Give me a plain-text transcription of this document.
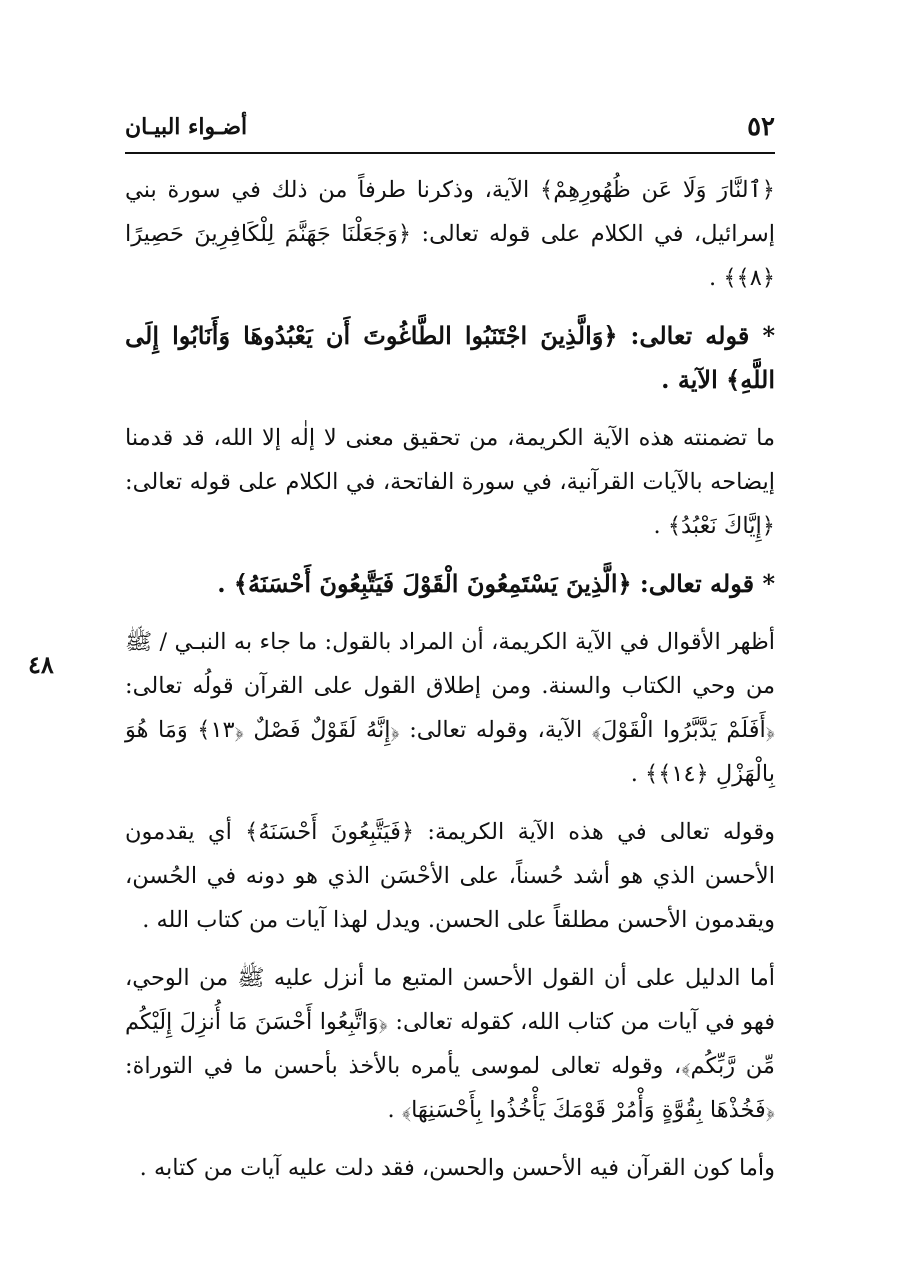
٥٢
أضـواء البيـان
٤٨

﴿ٱلنَّارَ وَلَا عَن ظُهُورِهِمْ﴾ الآية، وذكرنا طرفاً من ذلك في سورة بني إسرائيل، في الكلام على قوله تعالى: ﴿وَجَعَلْنَا جَهَنَّمَ لِلْكَافِرِينَ حَصِيرًا ﴿٨﴾﴾ .

* قوله تعالى: ﴿وَالَّذِينَ اجْتَنَبُوا الطَّاغُوتَ أَن يَعْبُدُوهَا وَأَنَابُوا إِلَى اللَّهِ﴾ الآية .

ما تضمنته هذه الآية الكريمة، من تحقيق معنى لا إلٰه إلا الله، قد قدمنا إيضاحه بالآيات القرآنية، في سورة الفاتحة، في الكلام على قوله تعالى: ﴿إِيَّاكَ نَعْبُدُ﴾ .

* قوله تعالى: ﴿الَّذِينَ يَسْتَمِعُونَ الْقَوْلَ فَيَتَّبِعُونَ أَحْسَنَهُ﴾ .

أظهر الأقوال في الآية الكريمة، أن المراد بالقول: ما جاء به النبـي / ﷺ من وحي الكتاب والسنة. ومن إطلاق القول على القرآن قولُه تعالى: ﴿أَفَلَمْ يَدَّبَّرُوا الْقَوْلَ﴾ الآية، وقوله تعالى: ﴿إِنَّهُ لَقَوْلٌ فَصْلٌ ﴿١٣﴾ وَمَا هُوَ بِالْهَزْلِ ﴿١٤﴾﴾ .

وقوله تعالى في هذه الآية الكريمة: ﴿فَيَتَّبِعُونَ أَحْسَنَهُ﴾ أي يقدمون الأحسن الذي هو أشد حُسناً، على الأحْسَن الذي هو دونه في الحُسن، ويقدمون الأحسن مطلقاً على الحسن. ويدل لهذا آيات من كتاب الله .

أما الدليل على أن القول الأحسن المتبع ما أنزل عليه ﷺ من الوحي، فهو في آيات من كتاب الله، كقوله تعالى: ﴿وَاتَّبِعُوا أَحْسَنَ مَا أُنزِلَ إِلَيْكُم مِّن رَّبِّكُم﴾، وقوله تعالى لموسى يأمره بالأخذ بأحسن ما في التوراة: ﴿فَخُذْهَا بِقُوَّةٍ وَأْمُرْ قَوْمَكَ يَأْخُذُوا بِأَحْسَنِهَا﴾ .

وأما كون القرآن فيه الأحسن والحسن، فقد دلت عليه آيات من كتابه .
